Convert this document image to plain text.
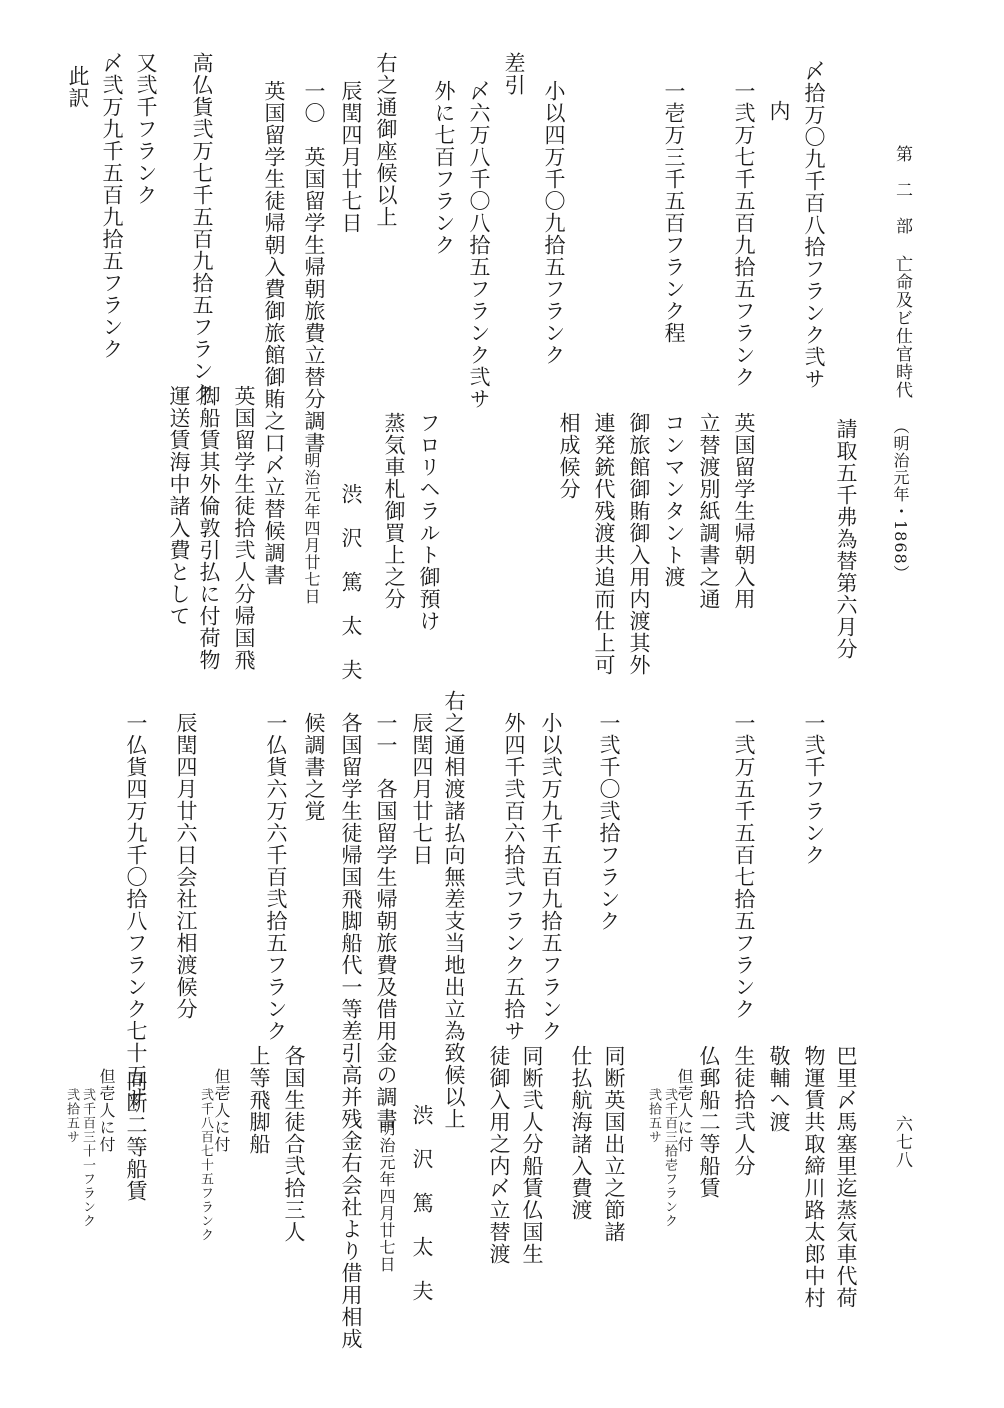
第　二　部
亡命及ビ仕官時代
（明治元年・1868）
六七八
請取五千弗為替第六月分
〆拾万〇九千百八拾フランク弐サ
内
一弐万七千五百九拾五フランク
英国留学生帰朝入用
立替渡別紙調書之通
一壱万三千五百フランク程
コンマンタント渡
御旅館御賄御入用内渡其外
連発銃代残渡共追而仕上可
相成候分
小以四万千〇九拾五フランク
差引
〆六万八千〇八拾五フランク弐サ
外に七百フランク
フロリヘラルト御預け
蒸気車札御買上之分
右之通御座候以上
辰閏四月廿七日
渋　沢　篤　太　夫
一〇　英国留学生帰朝旅費立替分調書
明治元年四月廿七日
英国留学生徒帰朝入費御旅館御賄之口〆立替候調書
英国留学生徒拾弐人分帰国飛
脚船賃其外倫敦引払に付荷物
運送賃海中諸入費として
高仏貨弐万七千五百九拾五フランク
又弐千フランク
〆弐万九千五百九拾五フランク
此訳
一弐千フランク
巴里〆馬塞里迄蒸気車代荷
物運賃共取締川路太郎中村
敬輔へ渡
一弐万五千五百七拾五フランク
生徒拾弐人分
仏郵船二等船賃
但壱人に付
弐千百三拾壱フランク
弐拾五サ
一弐千〇弐拾フランク
同断英国出立之節諸
仕払航海諸入費渡
小以弐万九千五百九拾五フランク
外四千弐百六拾弐フランク五拾サ
同断弐人分船賃仏国生
徒御入用之内〆立替渡
右之通相渡諸払向無差支当地出立為致候以上
辰閏四月廿七日
渋　沢　篤　太　夫
一一　各国留学生帰朝旅費及借用金の調書
明治元年四月廿七日
各国留学生徒帰国飛脚船代一等差引高并残金右会社より借用相成
候調書之覚
各国生徒合弐拾三人
上等飛脚船
一仏貨六万六千百弐拾五フランク
但壱人に付
弐千八百七十五フランク
辰閏四月廿六日会社江相渡候分
一仏貨四万九千〇拾八フランク七十五サ
同断二等船賃
但壱人に付
弐千百三十一フランク
弐拾五サ
